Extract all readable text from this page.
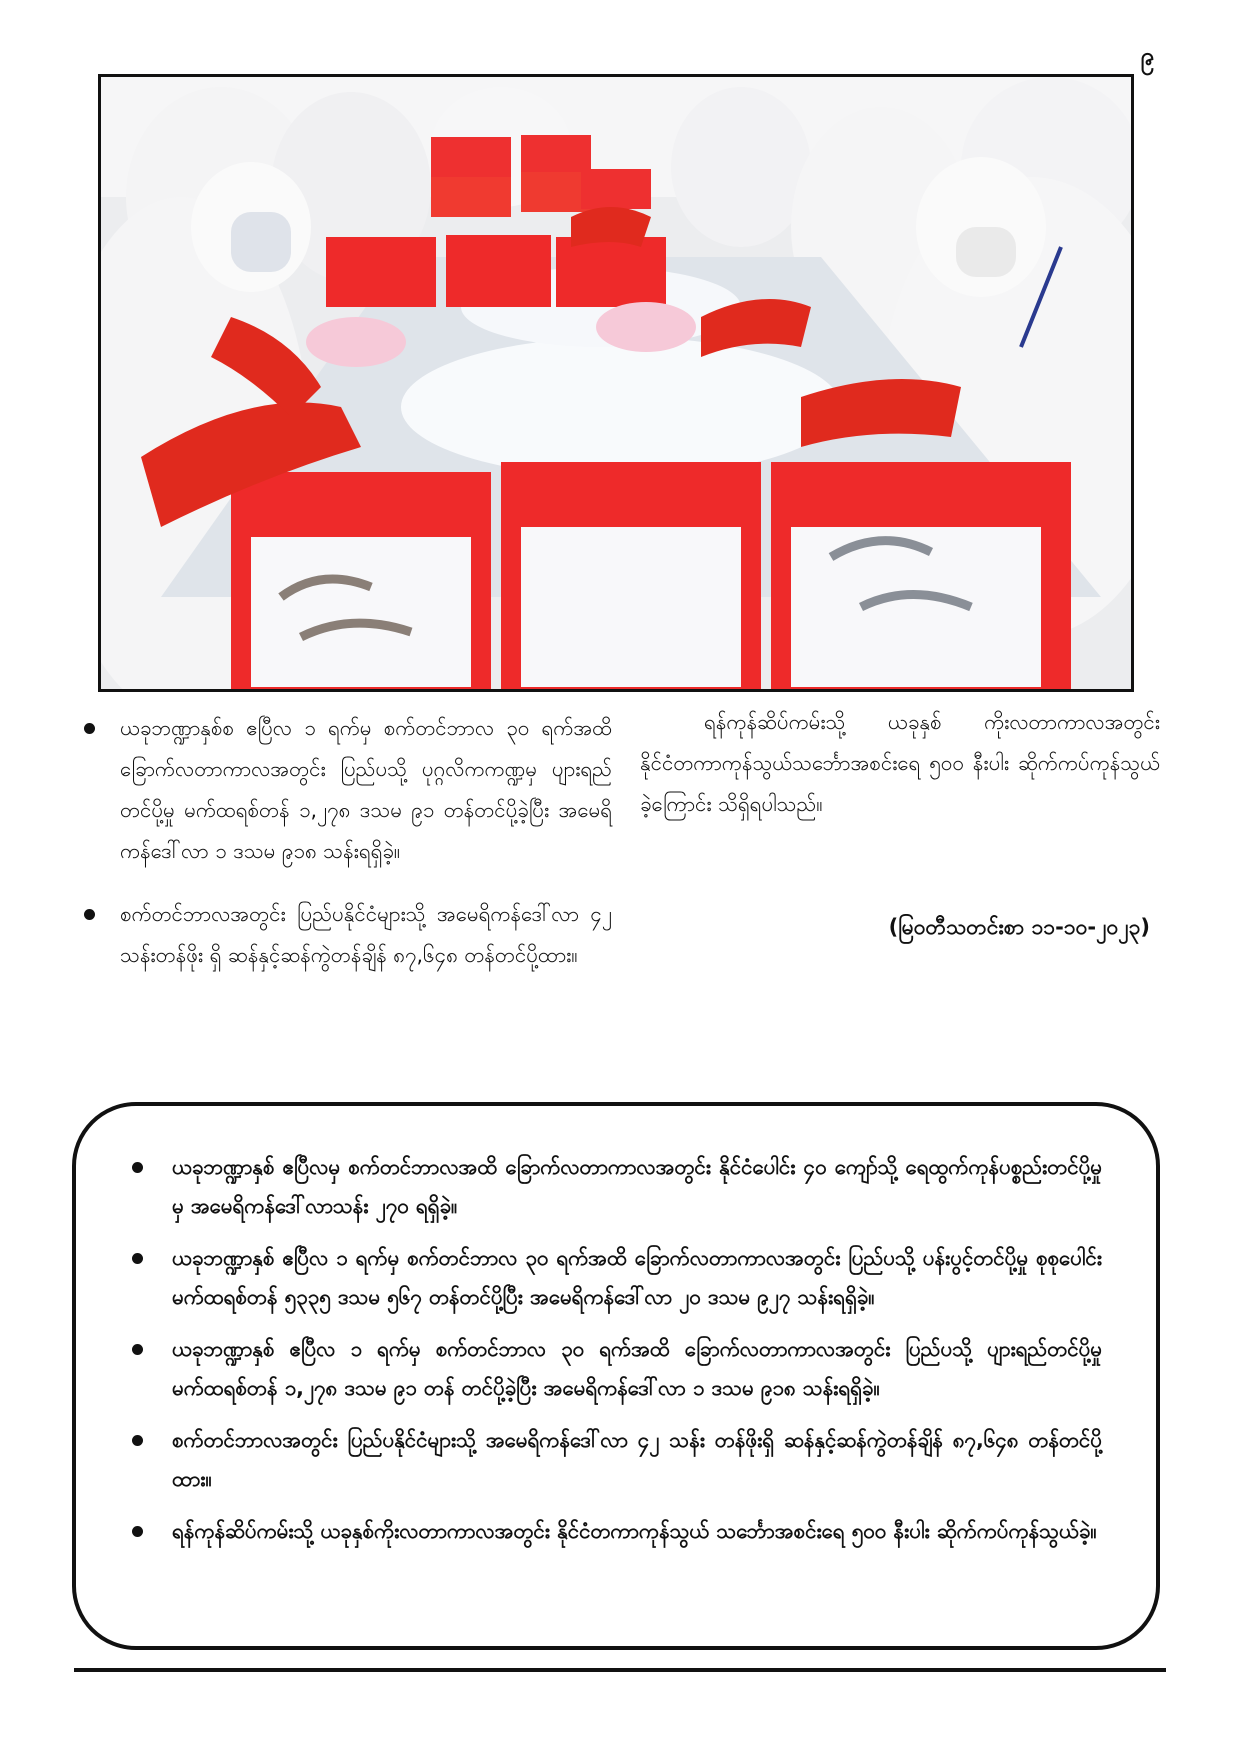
၉
ယခုဘဏ္ဍာနှစ်စ ဧပြီလ ၁ ရက်မှ စက်တင်ဘာလ ၃၀ ရက်အထိ ခြောက်လတာကာလအတွင်း ပြည်ပသို့ ပုဂ္ဂလိကကဏ္ဍမှ ပျားရည်တင်ပို့မှု မက်ထရစ်တန် ၁,၂၇၈ ဒသမ ၉၁ တန်တင်ပို့ခဲ့ပြီး အမေရိကန်ဒေါ်လာ ၁ ဒသမ ၉၁၈ သန်းရရှိခဲ့။
စက်တင်ဘာလအတွင်း ပြည်ပနိုင်ငံများသို့ အမေရိကန်ဒေါ်လာ ၄၂ သန်းတန်ဖိုး ရှိ ဆန်နှင့်ဆန်ကွဲတန်ချိန် ၈၇,၆၄၈ တန်တင်ပို့ထား။

ရန်ကုန်ဆိပ်ကမ်းသို့ ယခုနှစ် ကိုးလတာကာလအတွင်း နိုင်ငံတကာကုန်သွယ်သင်္ဘောအစင်းရေ ၅၀၀ နီးပါး ဆိုက်ကပ်ကုန်သွယ်ခဲ့ကြောင်း သိရှိရပါသည်။

(မြဝတီသတင်းစာ ၁၁-၁၀-၂၀၂၃)
ယခုဘဏ္ဍာနှစ် ဧပြီလမှ စက်တင်ဘာလအထိ ခြောက်လတာကာလအတွင်း နိုင်ငံပေါင်း ၄၀ ကျော်သို့ ရေထွက်ကုန်ပစ္စည်းတင်ပို့မှုမှ အမေရိကန်ဒေါ်လာသန်း ၂၇၀ ရရှိခဲ့။
ယခုဘဏ္ဍာနှစ် ဧပြီလ ၁ ရက်မှ စက်တင်ဘာလ ၃၀ ရက်အထိ ခြောက်လတာကာလအတွင်း ပြည်ပသို့ ပန်းပွင့်တင်ပို့မှု စုစုပေါင်း မက်ထရစ်တန် ၅၃၃၅ ဒသမ ၅၆၇ တန်တင်ပို့ပြီး အမေရိကန်ဒေါ်လာ ၂၀ ဒသမ ၉၂၇ သန်းရရှိခဲ့။
ယခုဘဏ္ဍာနှစ် ဧပြီလ ၁ ရက်မှ စက်တင်ဘာလ ၃၀ ရက်အထိ ခြောက်လတာကာလအတွင်း ပြည်ပသို့ ပျားရည်တင်ပို့မှု မက်ထရစ်တန် ၁,၂၇၈ ဒသမ ၉၁ တန် တင်ပို့ခဲ့ပြီး အမေရိကန်ဒေါ်လာ ၁ ဒသမ ၉၁၈ သန်းရရှိခဲ့။
စက်တင်ဘာလအတွင်း ပြည်ပနိုင်ငံများသို့ အမေရိကန်ဒေါ်လာ ၄၂ သန်း တန်ဖိုးရှိ ဆန်နှင့်ဆန်ကွဲတန်ချိန် ၈၇,၆၄၈ တန်တင်ပို့ထား။
ရန်ကုန်ဆိပ်ကမ်းသို့ ယခုနှစ်ကိုးလတာကာလအတွင်း နိုင်ငံတကာကုန်သွယ် သင်္ဘောအစင်းရေ ၅၀၀ နီးပါး ဆိုက်ကပ်ကုန်သွယ်ခဲ့။
